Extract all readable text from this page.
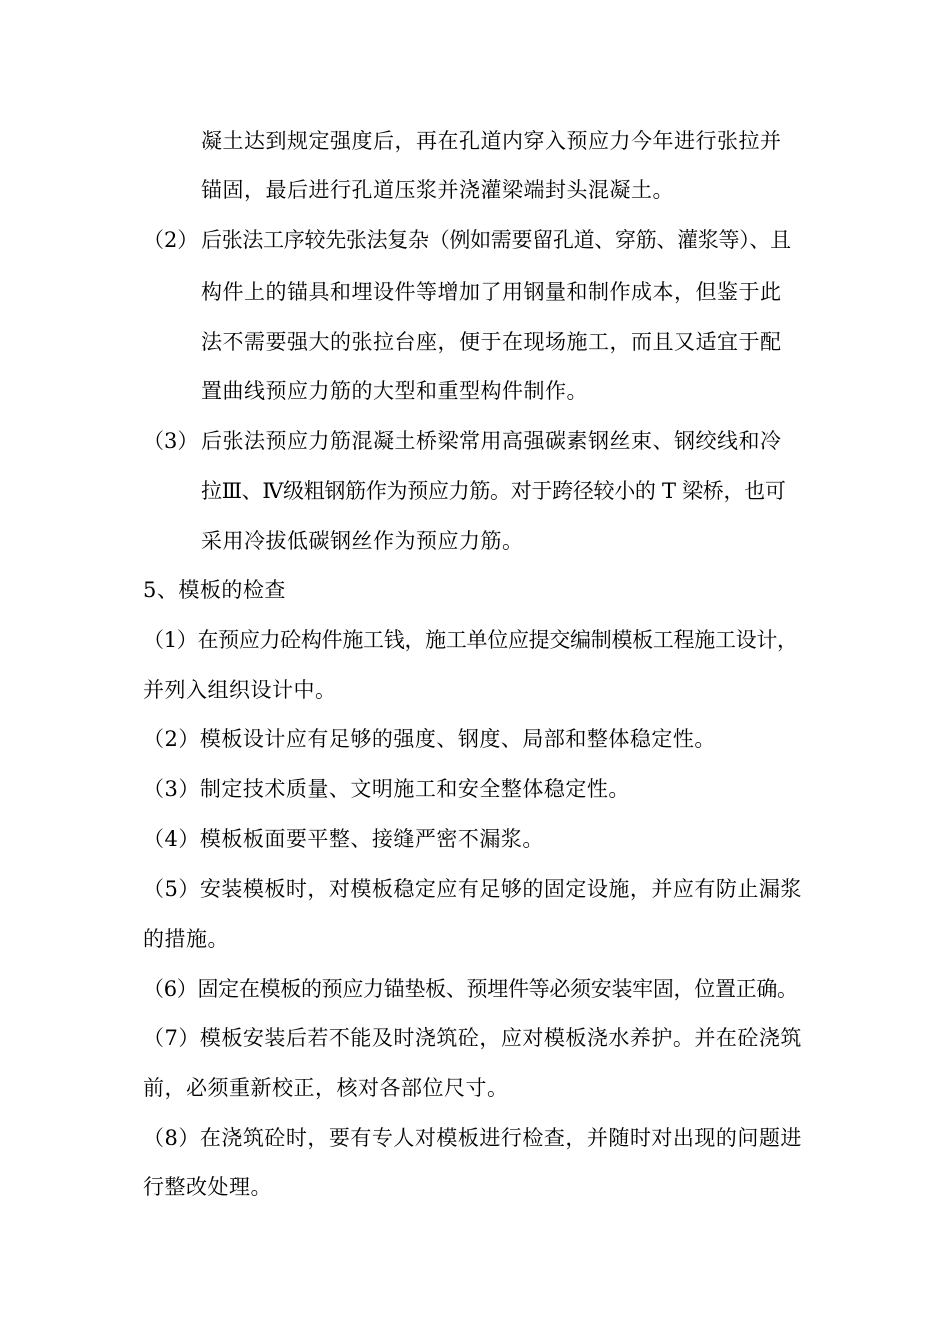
凝土达到规定强度后，再在孔道内穿入预应力今年进行张拉并
锚固，最后进行孔道压浆并浇灌梁端封头混凝土。
（2） 后张法工序较先张法复杂（例如需要留孔道、穿筋、灌浆等）、且
构件上的锚具和埋设件等增加了用钢量和制作成本，但鉴于此
法不需要强大的张拉台座，便于在现场施工，而且又适宜于配
置曲线预应力筋的大型和重型构件制作。
（3） 后张法预应力筋混凝土桥梁常用高强碳素钢丝束、钢绞线和冷
拉Ⅲ、Ⅳ级粗钢筋作为预应力筋。对于跨径较小的 T 梁桥，也可
采用冷拔低碳钢丝作为预应力筋。
5、模板的检查
（1）在预应力砼构件施工钱，施工单位应提交编制模板工程施工设计，
并列入组织设计中。
（2）模板设计应有足够的强度、钢度、局部和整体稳定性。
（3）制定技术质量、文明施工和安全整体稳定性。
（4）模板板面要平整、接缝严密不漏浆。
（5）安装模板时，对模板稳定应有足够的固定设施，并应有防止漏浆
的措施。
（6）固定在模板的预应力锚垫板、预埋件等必须安装牢固，位置正确。
（7）模板安装后若不能及时浇筑砼，应对模板浇水养护。并在砼浇筑
前，必须重新校正，核对各部位尺寸。
（8）在浇筑砼时，要有专人对模板进行检查，并随时对出现的问题进
行整改处理。
